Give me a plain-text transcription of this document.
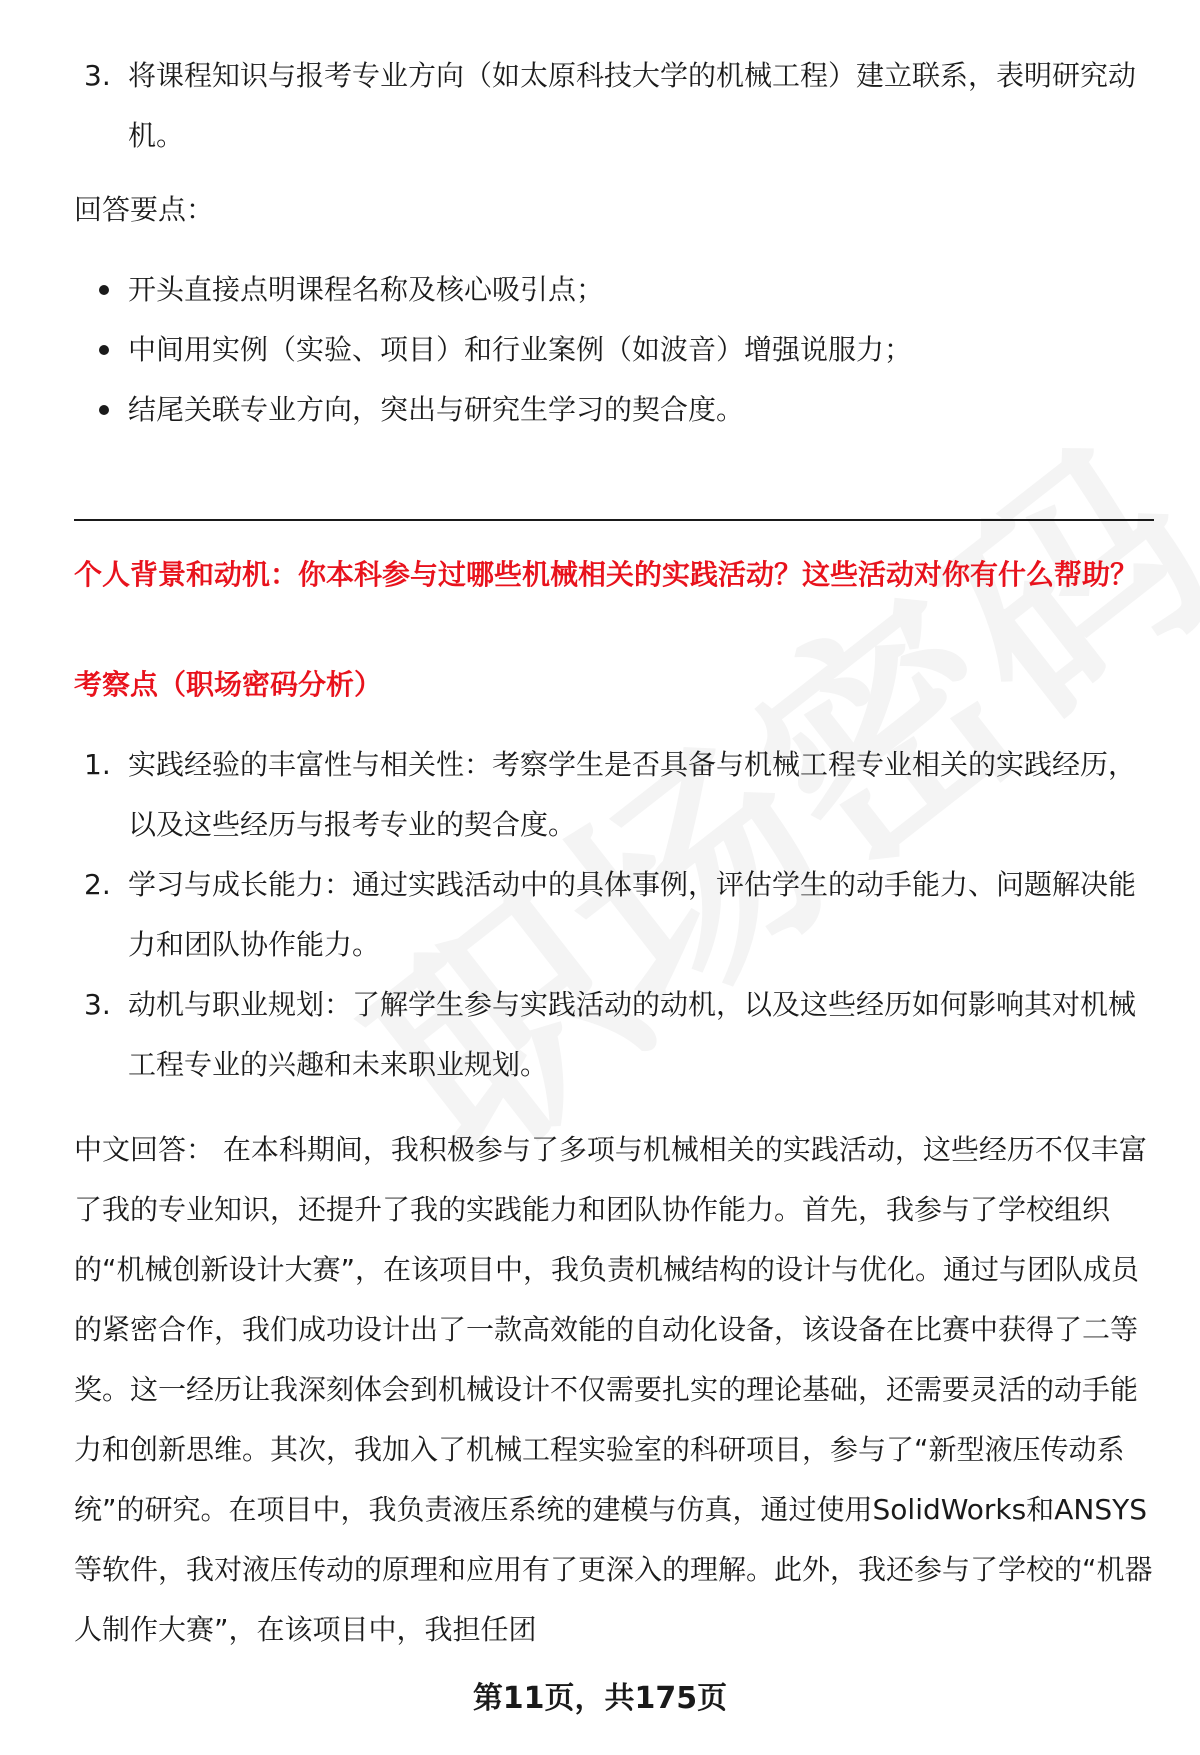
3. 将课程知识与报考专业方向（如太原科技大学的机械工程）建立联系，表明研究动机。
回答要点：
开头直接点明课程名称及核心吸引点；
中间用实例（实验、项目）和行业案例（如波音）增强说服力；
结尾关联专业方向，突出与研究生学习的契合度。
个人背景和动机：你本科参与过哪些机械相关的实践活动？这些活动对你有什么帮助？
考察点（职场密码分析）
1. 实践经验的丰富性与相关性：考察学生是否具备与机械工程专业相关的实践经历，以及这些经历与报考专业的契合度。
2. 学习与成长能力：通过实践活动中的具体事例，评估学生的动手能力、问题解决能力和团队协作能力。
3. 动机与职业规划：了解学生参与实践活动的动机，以及这些经历如何影响其对机械工程专业的兴趣和未来职业规划。
中文回答： 在本科期间，我积极参与了多项与机械相关的实践活动，这些经历不仅丰富了我的专业知识，还提升了我的实践能力和团队协作能力。首先，我参与了学校组织的“机械创新设计大赛”，在该项目中，我负责机械结构的设计与优化。通过与团队成员的紧密合作，我们成功设计出了一款高效能的自动化设备，该设备在比赛中获得了二等奖。这一经历让我深刻体会到机械设计不仅需要扎实的理论基础，还需要灵活的动手能力和创新思维。其次，我加入了机械工程实验室的科研项目，参与了“新型液压传动系统”的研究。在项目中，我负责液压系统的建模与仿真，通过使用SolidWorks和ANSYS等软件，我对液压传动的原理和应用有了更深入的理解。此外，我还参与了学校的“机器人制作大赛”，在该项目中，我担任团
第11页，共175页
